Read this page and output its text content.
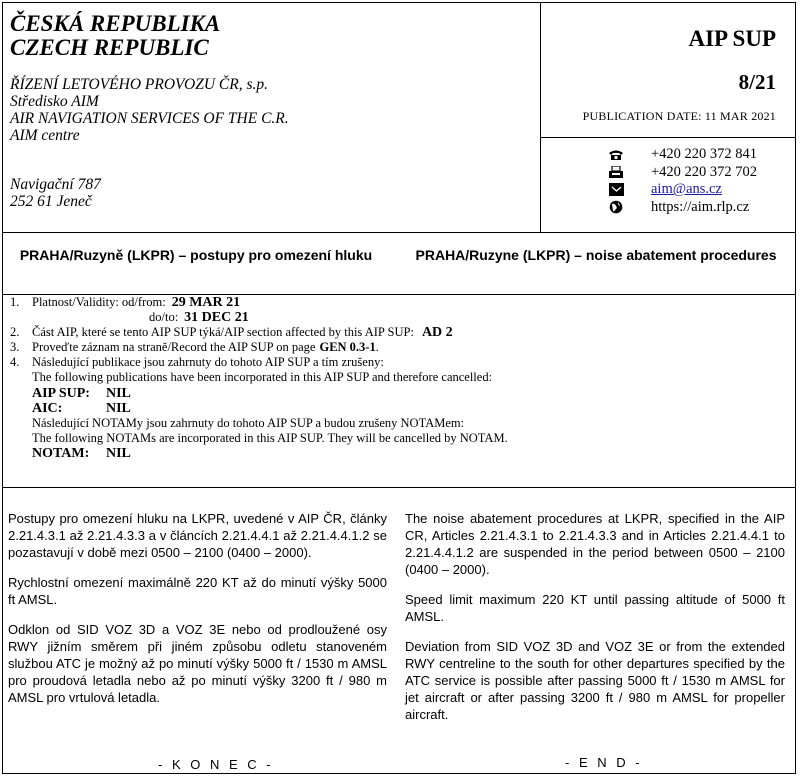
ČESKÁ REPUBLIKA
CZECH REPUBLIC
ŘÍZENÍ LETOVÉHO PROVOZU ČR, s.p.
Středisko AIM
AIR NAVIGATION SERVICES OF THE C.R.
AIM centre
Navigační 787
252 61 Jeneč
AIP SUP
8/21
PUBLICATION DATE: 11 MAR 2021
+420 220 372 841
+420 220 372 702
aim@ans.cz
https://aim.rlp.cz
PRAHA/Ruzyně (LKPR) – postupy pro omezení hluku	PRAHA/Ruzyne (LKPR) – noise abatement procedures
1.	Platnost/Validity: od/from: 29 MAR 21
do/to: 31 DEC 21
2.	Část AIP, které se tento AIP SUP týká/AIP section affected by this AIP SUP: AD 2
3.	Proveďte záznam na straně/Record the AIP SUP on page GEN 0.3-1 .
4.	Následující publikace jsou zahrnuty do tohoto AIP SUP a tím zrušeny:
The following publications have been incorporated in this AIP SUP and therefore cancelled:
AIP SUP:	NIL
AIC:	NIL
Následující NOTAMy jsou zahrnuty do tohoto AIP SUP a budou zrušeny NOTAMem:
The following NOTAMs are incorporated in this AIP SUP. They will be cancelled by NOTAM.
NOTAM:	NIL

Postupy pro omezení hluku na LKPR, uvedené v AIP ČR, články 2.21.4.3.1 až 2.21.4.3.3 a v článcích 2.21.4.4.1 až 2.21.4.4.1.2 se pozastavují v době mezi 0500 – 2100 (0400 – 2000).

Rychlostní omezení maximálně 220 KT až do minutí výšky 5000 ft AMSL.

Odklon od SID VOZ 3D a VOZ 3E nebo od prodloužené osy RWY jižním směrem při jiném způsobu odletu stanoveném službou ATC je možný až po minutí výšky 5000 ft / 1530 m AMSL pro proudová letadla nebo až po minutí výšky 3200 ft / 980 m AMSL pro vrtulová letadla.

The noise abatement procedures at LKPR, specified in the AIP CR, Articles 2.21.4.3.1 to 2.21.4.3.3 and in Articles 2.21.4.4.1 to 2.21.4.4.1.2 are suspended in the period between 0500 – 2100 (0400 – 2000).

Speed limit maximum 220 KT until passing altitude of 5000 ft AMSL.

Deviation from SID VOZ 3D and VOZ 3E or from the extended RWY centreline to the south for other departures specified by the ATC service is possible after passing 5000 ft / 1530 m AMSL for jet aircraft or after passing 3200 ft / 980 m AMSL for propeller aircraft.

- K O N E C -	- E N D -
